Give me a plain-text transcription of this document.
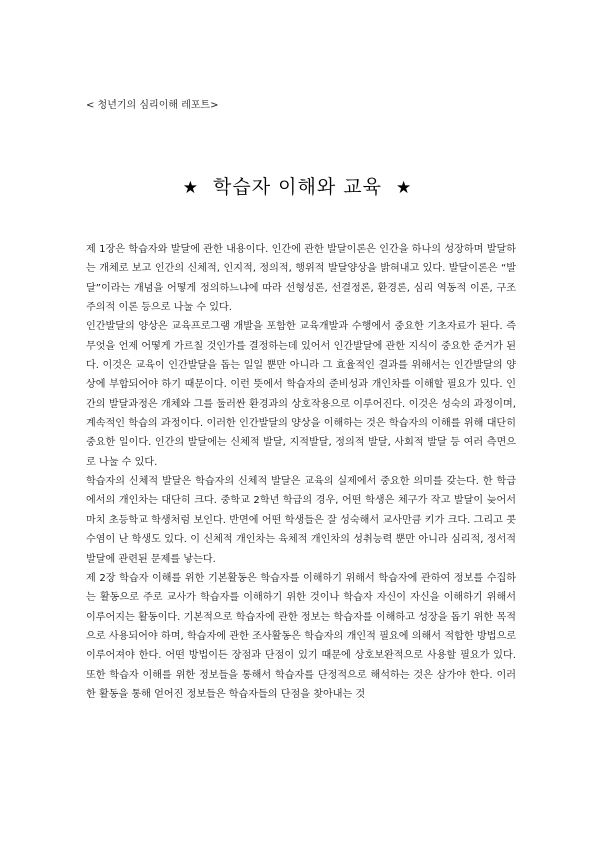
< 청년기의 심리이해 레포트>
★ 학습자 이해와 교육 ★

제 1장은 학습자와 발달에 관한 내용이다. 인간에 관한 발달이론은 인간을 하나의 성장하며 발달하는 개체로 보고 인간의 신체적, 인지적, 정의적, 행위적 발달양상을 밝혀내고 있다. 발달이론은 “발달”이라는 개념을 어떻게 정의하느냐에 따라 선형성론, 선결정론, 환경론, 심리 역동적 이론, 구조주의적 이론 등으로 나눌 수 있다.

인간발달의 양상은 교육프로그램 개발을 포함한 교육개발과 수행에서 중요한 기초자료가 된다. 즉 무엇을 언제 어떻게 가르칠 것인가를 결정하는데 있어서 인간발달에 관한 지식이 중요한 준거가 된다. 이것은 교육이 인간발달을 돕는 일일 뿐만 아니라 그 효율적인 결과를 위해서는 인간발달의 양상에 부합되어야 하기 때문이다. 이런 뜻에서 학습자의 준비성과 개인차를 이해할 필요가 있다. 인간의 발달과정은 개체와 그를 둘러싼 환경과의 상호작용으로 이루어진다. 이것은 성숙의 과정이며, 계속적인 학습의 과정이다. 이러한 인간발달의 양상을 이해하는 것은 학습자의 이해를 위해 대단히 중요한 일이다. 인간의 발달에는 신체적 발달, 지적발달, 정의적 발달, 사회적 발달 등 여러 측면으로 나눌 수 있다.

학습자의 신체적 발달은 학습자의 신체적 발달은 교육의 실제에서 중요한 의미를 갖는다. 한 학급에서의 개인차는 대단히 크다. 중학교 2학년 학급의 경우, 어떤 학생은 체구가 작고 발달이 늦어서 마치 초등학교 학생처럼 보인다. 반면에 어떤 학생들은 잘 성숙해서 교사만큼 키가 크다. 그리고 콧수염이 난 학생도 있다. 이 신체적 개인차는 육체적 개인차의 성취능력 뿐만 아니라 심리적, 정서적 발달에 관련된 문제를 낳는다.

제 2장 학습자 이해를 위한 기본활동은 학습자를 이해하기 위해서 학습자에 관하여 정보를 수집하는 활동으로 주로 교사가 학습자를 이해하기 위한 것이나 학습자 자신이 자신을 이해하기 위해서 이루어지는 활동이다. 기본적으로 학습자에 관한 정보는 학습자를 이해하고 성장을 돕기 위한 목적으로 사용되어야 하며, 학습자에 관한 조사활동은 학습자의 개인적 필요에 의해서 적합한 방법으로 이루어져야 한다. 어떤 방법이든 장점과 단점이 있기 때문에 상호보완적으로 사용할 필요가 있다. 또한 학습자 이해를 위한 정보들을 통해서 학습자를 단정적으로 해석하는 것은 삼가야 한다. 이러한 활동을 통해 얻어진 정보들은 학습자들의 단점을 찾아내는 것
